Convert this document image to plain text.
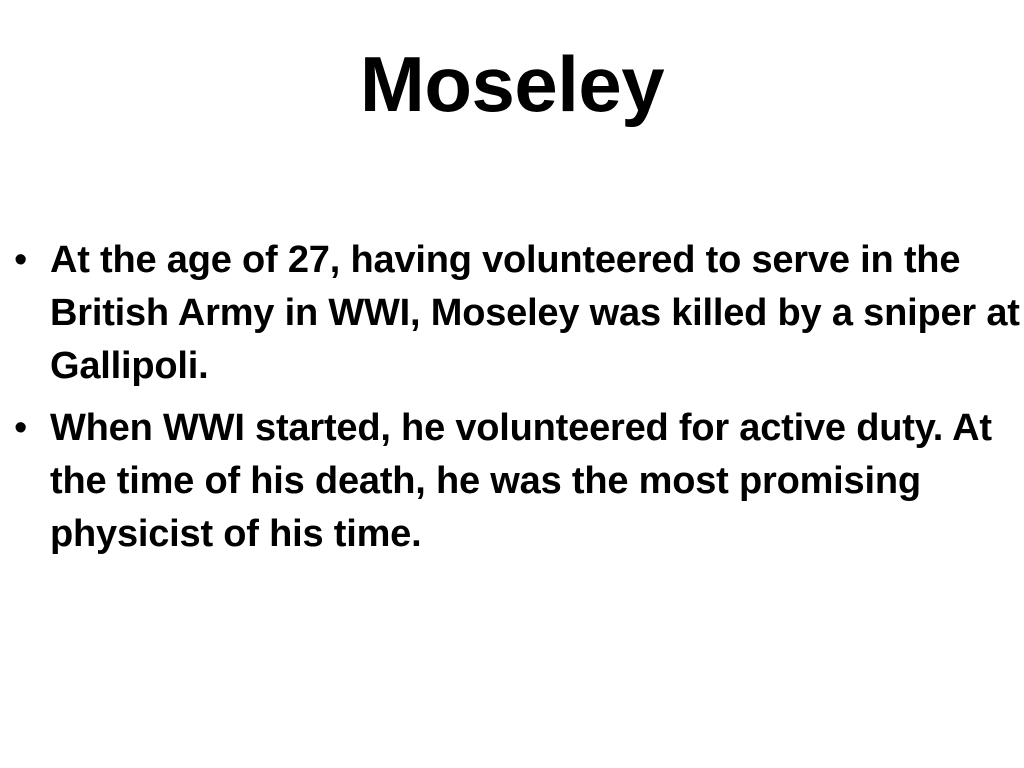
Moseley
• At the age of 27, having volunteered to serve in the British Army in WWI, Moseley was killed by a sniper at Gallipoli.
• When WWI started, he volunteered for active duty. At the time of his death, he was the most promising physicist of his time.
